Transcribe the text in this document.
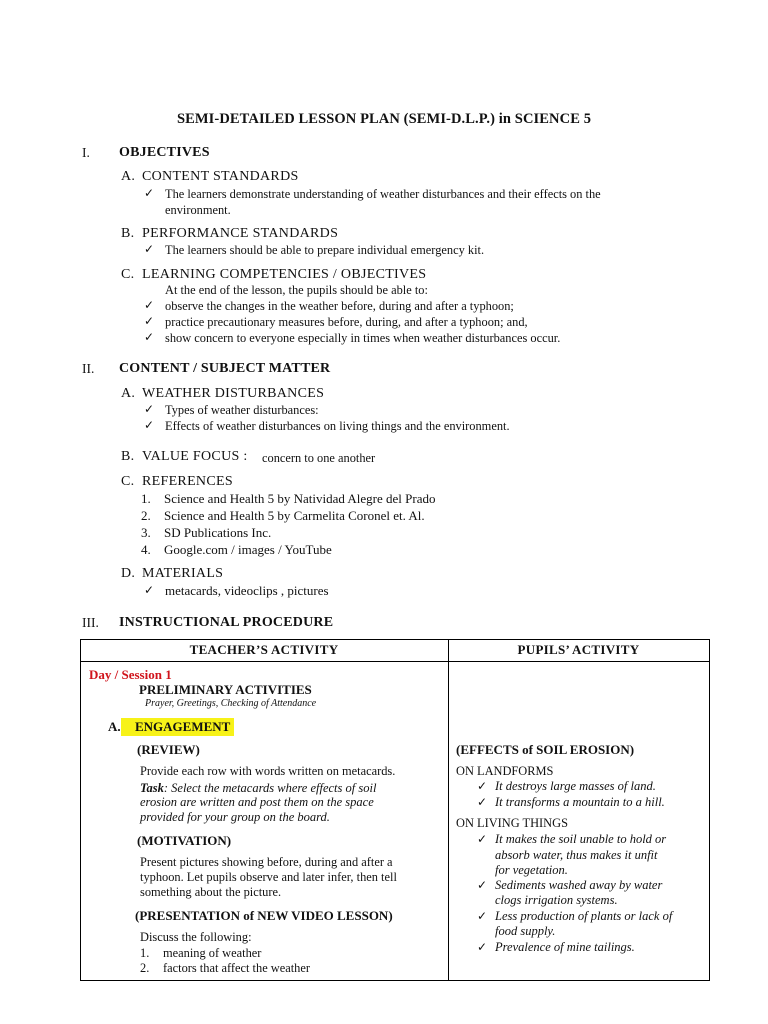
SEMI-DETAILED LESSON PLAN (SEMI-D.L.P.) in SCIENCE 5
I. OBJECTIVES
A. CONTENT STANDARDS
✓ The learners demonstrate understanding of weather disturbances and their effects on the
environment.
B. PERFORMANCE STANDARDS
✓ The learners should be able to prepare individual emergency kit.
C. LEARNING COMPETENCIES / OBJECTIVES
At the end of the lesson, the pupils should be able to:
✓ observe the changes in the weather before, during and after a typhoon;
✓ practice precautionary measures before, during, and after a typhoon; and,
✓ show concern to everyone especially in times when weather disturbances occur.
II. CONTENT / SUBJECT MATTER
A. WEATHER DISTURBANCES
✓ Types of weather disturbances:
✓ Effects of weather disturbances on living things and the environment.
B. VALUE FOCUS : concern to one another
C. REFERENCES
1. Science and Health 5 by Natividad Alegre del Prado
2. Science and Health 5 by Carmelita Coronel et. Al.
3. SD Publications Inc.
4. Google.com / images / YouTube
D. MATERIALS
✓ metacards, videoclips , pictures
III. INSTRUCTIONAL PROCEDURE
TEACHER’S ACTIVITY	PUPILS’ ACTIVITY
Day / Session 1
PRELIMINARY ACTIVITIES
Prayer, Greetings, Checking of Attendance
A.	ENGAGEMENT
(REVIEW)
Provide each row with words written on metacards.
Task: Select the metacards where effects of soil
erosion are written and post them on the space
provided for your group on the board.
(MOTIVATION)
Present pictures showing before, during and after a
typhoon. Let pupils observe and later infer, then tell
something about the picture.
(PRESENTATION of NEW VIDEO LESSON)
Discuss the following:
1. meaning of weather
2. factors that affect the weather
(EFFECTS of SOIL EROSION)
ON LANDFORMS
✓ It destroys large masses of land.
✓ It transforms a mountain to a hill.
ON LIVING THINGS
✓ It makes the soil unable to hold or
absorb water, thus makes it unfit
for vegetation.
✓ Sediments washed away by water
clogs irrigation systems.
✓ Less production of plants or lack of
food supply.
✓ Prevalence of mine tailings.
